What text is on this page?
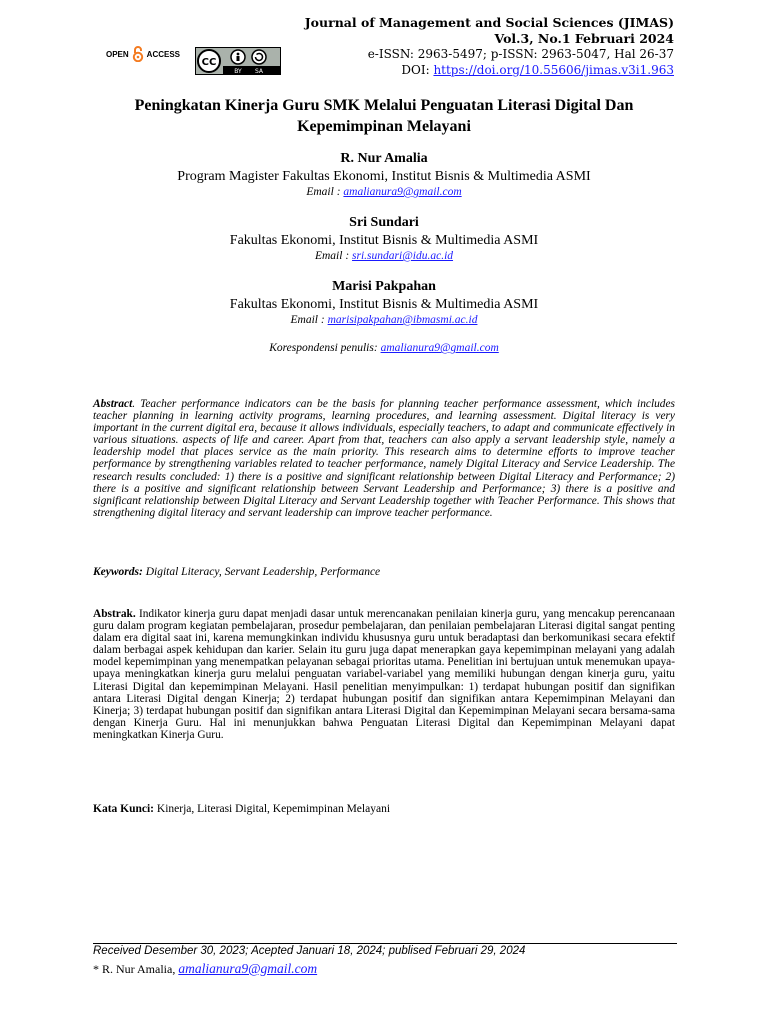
Journal of Management and Social Sciences (JIMAS)
Vol.3, No.1 Februari 2024
e-ISSN: 2963-5497; p-ISSN: 2963-5047, Hal 26-37
DOI: https://doi.org/10.55606/jimas.v3i1.963
OPEN ACCESS
CC
BY SA
Peningkatan Kinerja Guru SMK Melalui Penguatan Literasi Digital Dan Kepemimpinan Melayani
R. Nur Amalia
Program Magister Fakultas Ekonomi, Institut Bisnis & Multimedia ASMI
Email : amalianura9@gmail.com
Sri Sundari
Fakultas Ekonomi, Institut Bisnis & Multimedia ASMI
Email : sri.sundari@idu.ac.id
Marisi Pakpahan
Fakultas Ekonomi, Institut Bisnis & Multimedia ASMI
Email : marisipakpahan@ibmasmi.ac.id
Korespondensi penulis: amalianura9@gmail.com
Abstract. Teacher performance indicators can be the basis for planning teacher performance assessment, which includes teacher planning in learning activity programs, learning procedures, and learning assessment. Digital literacy is very important in the current digital era, because it allows individuals, especially teachers, to adapt and communicate effectively in various situations. aspects of life and career. Apart from that, teachers can also apply a servant leadership style, namely a leadership model that places service as the main priority. This research aims to determine efforts to improve teacher performance by strengthening variables related to teacher performance, namely Digital Literacy and Service Leadership. The research results concluded: 1) there is a positive and significant relationship between Digital Literacy and Performance; 2) there is a positive and significant relationship between Servant Leadership and Performance; 3) there is a positive and significant relationship between Digital Literacy and Servant Leadership together with Teacher Performance. This shows that strengthening digital literacy and servant leadership can improve teacher performance.
Keywords: Digital Literacy, Servant Leadership, Performance
Abstrak. Indikator kinerja guru dapat menjadi dasar untuk merencanakan penilaian kinerja guru, yang mencakup perencanaan guru dalam program kegiatan pembelajaran, prosedur pembelajaran, dan penilaian pembelajaran Literasi digital sangat penting dalam era digital saat ini, karena memungkinkan individu khususnya guru untuk beradaptasi dan berkomunikasi secara efektif dalam berbagai aspek kehidupan dan karier. Selain itu guru juga dapat menerapkan gaya kepemimpinan melayani yang adalah model kepemimpinan yang menempatkan pelayanan sebagai prioritas utama. Penelitian ini bertujuan untuk menemukan upaya-upaya meningkatkan kinerja guru melalui penguatan variabel-variabel yang memiliki hubungan dengan kinerja guru, yaitu Literasi Digital dan kepemimpinan Melayani. Hasil penelitian menyimpulkan: 1) terdapat hubungan positif dan signifikan antara Literasi Digital dengan Kinerja; 2) terdapat hubungan positif dan signifikan antara Kepemimpinan Melayani dan Kinerja; 3) terdapat hubungan positif dan signifikan antara Literasi Digital dan Kepemimpinan Melayani secara bersama-sama dengan Kinerja Guru. Hal ini menunjukkan bahwa Penguatan Literasi Digital dan Kepemimpinan Melayani dapat meningkatkan Kinerja Guru.
Kata Kunci: Kinerja, Literasi Digital, Kepemimpinan Melayani
Received Desember 30, 2023; Acepted Januari 18, 2024; publised Februari 29, 2024
* R. Nur Amalia, amalianura9@gmail.com
